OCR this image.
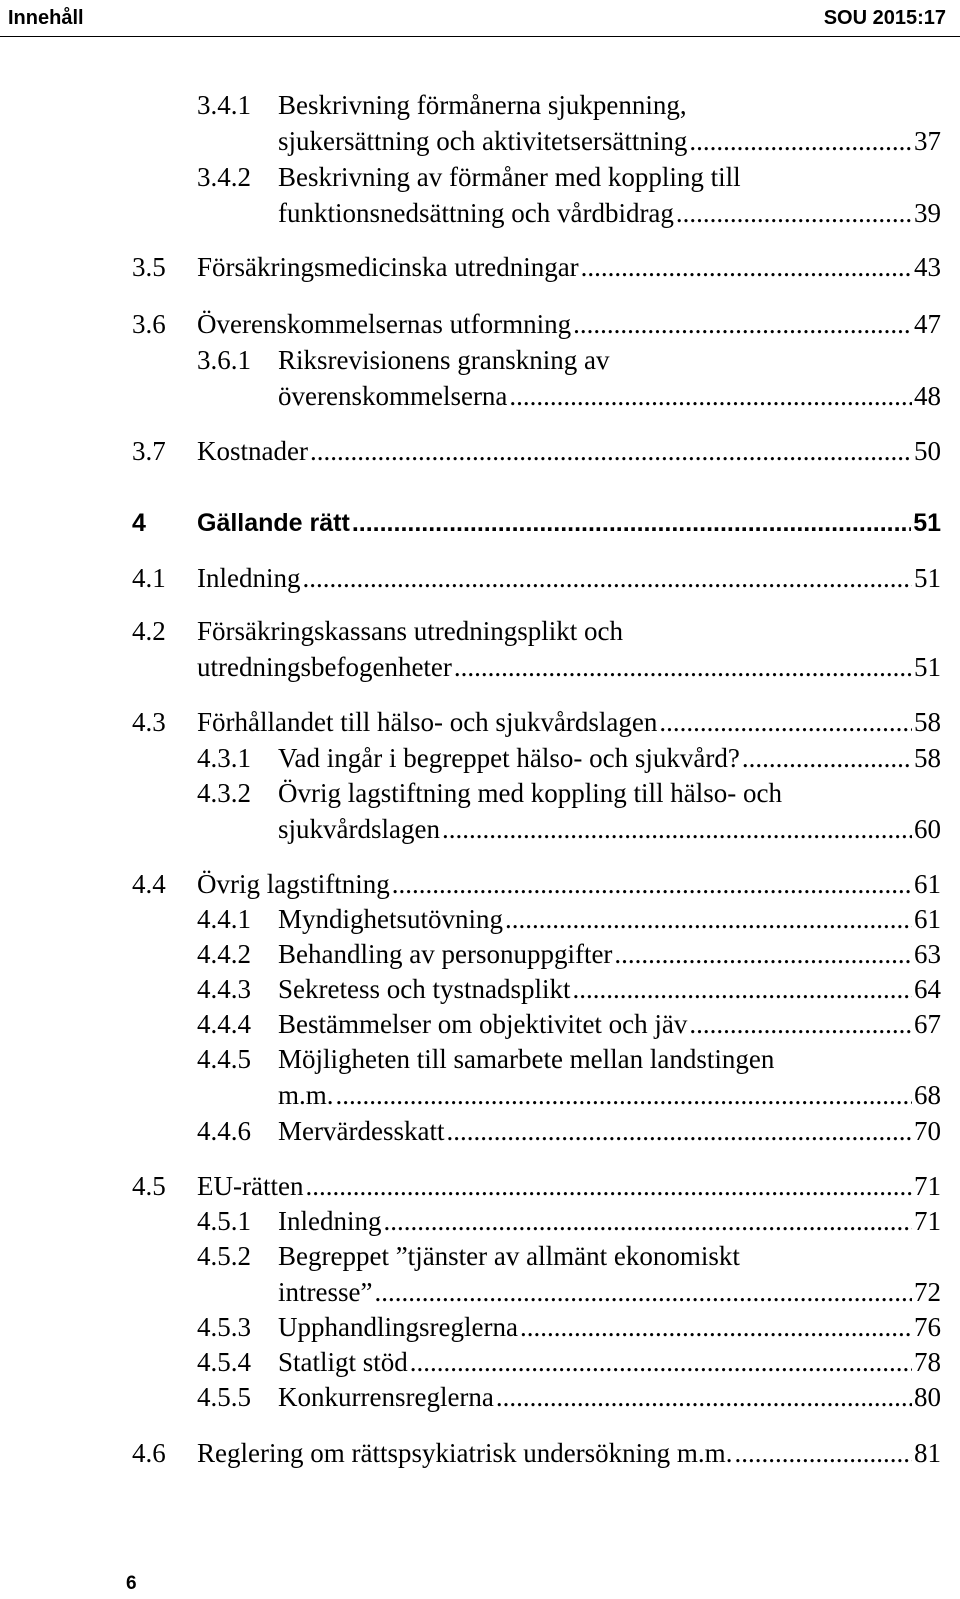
Innehåll	SOU 2015:17
3.4.1 Beskrivning förmånerna sjukpenning,
sjukersättning och aktivitetsersättning .....	37
3.4.2 Beskrivning av förmåner med koppling till
funktionsnedsättning och vårdbidrag .....	39
3.5 Försäkringsmedicinska utredningar .....	43
3.6 Överenskommelsernas utformning .....	47
3.6.1 Riksrevisionens granskning av
överenskommelserna .....	48
3.7 Kostnader .....	50
4 Gällande rätt .....	51
4.1 Inledning .....	51
4.2 Försäkringskassans utredningsplikt och
utredningsbefogenheter .....	51
4.3 Förhållandet till hälso- och sjukvårdslagen .....	58
4.3.1 Vad ingår i begreppet hälso- och sjukvård? .....	58
4.3.2 Övrig lagstiftning med koppling till hälso- och
sjukvårdslagen .....	60
4.4 Övrig lagstiftning .....	61
4.4.1 Myndighetsutövning .....	61
4.4.2 Behandling av personuppgifter .....	63
4.4.3 Sekretess och tystnadsplikt .....	64
4.4.4 Bestämmelser om objektivitet och jäv .....	67
4.4.5 Möjligheten till samarbete mellan landstingen
m.m. .....	68
4.4.6 Mervärdesskatt .....	70
4.5 EU-rätten .....	71
4.5.1 Inledning .....	71
4.5.2 Begreppet ”tjänster av allmänt ekonomiskt
intresse” .....	72
4.5.3 Upphandlingsreglerna .....	76
4.5.4 Statligt stöd .....	78
4.5.5 Konkurrensreglerna .....	80
4.6 Reglering om rättspsykiatrisk undersökning m.m. .....	81
6
